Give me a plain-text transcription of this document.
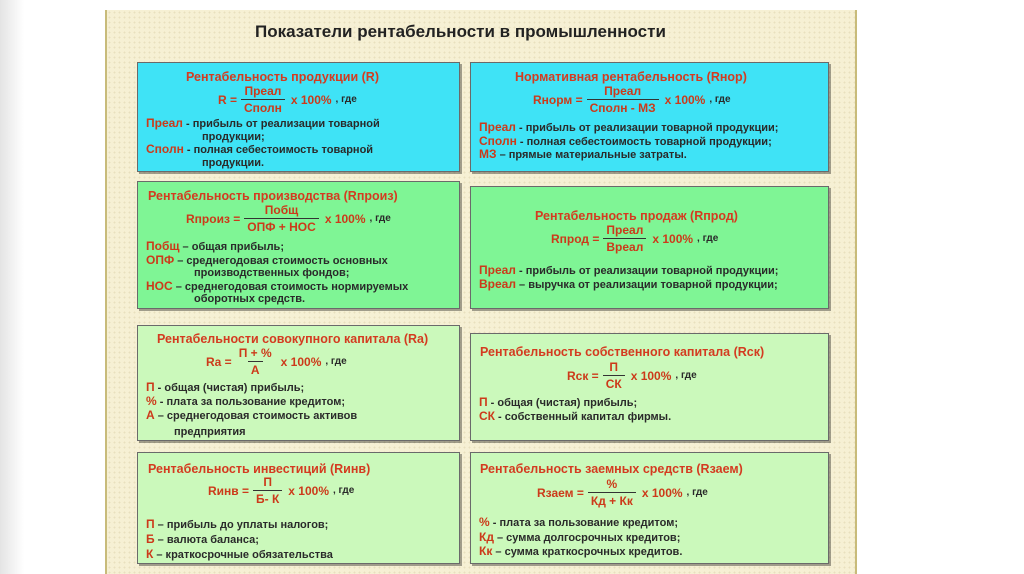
Показатели рентабельности в промышленности
Рентабельность продукции (R)
$R = \frac{\text{Преал}}{\text{Сполн}}$ х 100% , где
Преал - прибыль от реализации товарной
продукции;
Сполн - полная себестоимость товарной
продукции.
Нормативная рентабельность (Rнор)
Rнорм = $\frac{\text{Преал}}{\text{Сполн - МЗ}}$ х 100% , где
Преал - прибыль от реализации товарной продукции;
Сполн - полная себестоимость товарной продукции;
МЗ – прямые материальные затраты.
Рентабельность производства (Rпроиз)
Rпроиз = $\frac{\text{Побщ}}{\text{ОПФ + НОС}}$ х 100% , где
Побщ – общая прибыль;
ОПФ – среднегодовая стоимость основных
производственных фондов;
НОС – среднегодовая стоимость нормируемых
оборотных средств.
Рентабельность продаж (Rпрод)
Rпрод = $\frac{\text{Преал}}{\text{Вреал}}$ х 100% , где
Преал - прибыль от реализации товарной продукции;
Вреал – выручка от реализации товарной продукции;
Рентабельности совокупного капитала (Ra)
$Ra = \frac{П + \%}{А}$ х 100% , где
П - общая (чистая) прибыль;
% - плата за пользование кредитом;
А – среднегодовая стоимость активов
предприятия
Рентабельность собственного капитала (Rск)
Rск = $\frac{П}{СК}$ х 100% , где
П - общая (чистая) прибыль;
СК - собственный капитал фирмы.
Рентабельность инвестиций (Rинв)
Rинв = $\frac{П}{Б- К}$ х 100% , где
П – прибыль до уплаты налогов;
Б – валюта баланса;
К – краткосрочные обязательства
Рентабельность заемных средств (Rзаем)
Rзаем = $\frac{\%}{Кд + Кк}$ х 100% , где
% - плата за пользование кредитом;
Кд – сумма долгосрочных кредитов;
Кк – сумма краткосрочных кредитов.
